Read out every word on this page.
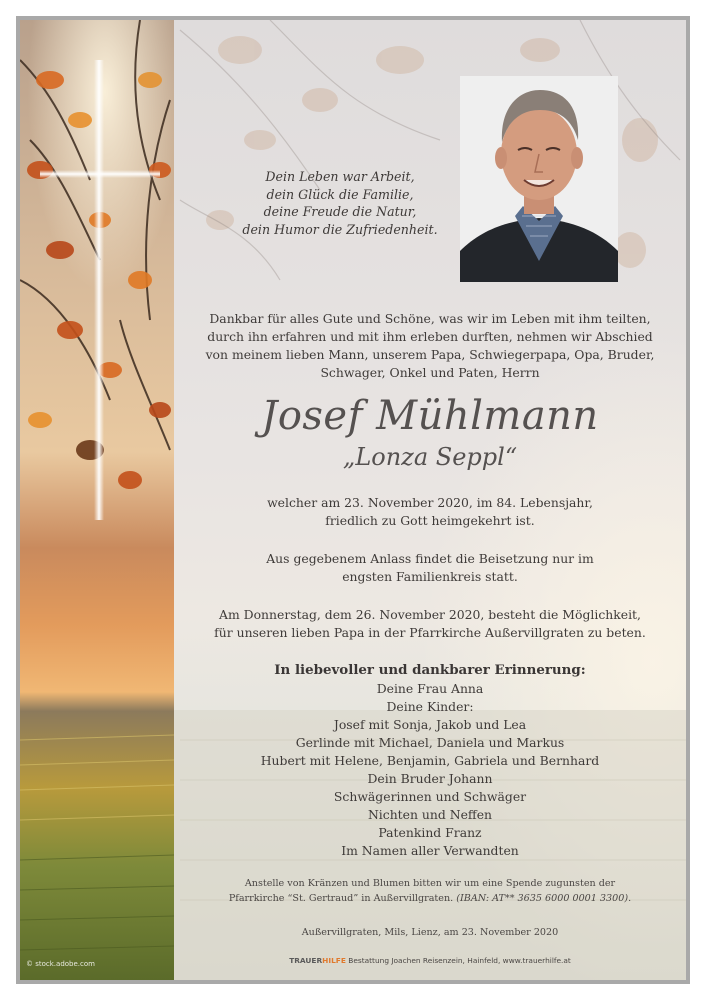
© stock.adobe.com
Dein Leben war Arbeit,
dein Glück die Familie,
deine Freude die Natur,
dein Humor die Zufriedenheit.
Dankbar für alles Gute und Schöne, was wir im Leben mit ihm teilten,
durch ihn erfahren und mit ihm erleben durften, nehmen wir Abschied
von meinem lieben Mann, unserem Papa, Schwiegerpapa, Opa, Bruder,
Schwager, Onkel und Paten, Herrn
Josef Mühlmann
„Lonza Seppl“
welcher am 23. November 2020, im 84. Lebensjahr,
friedlich zu Gott heimgekehrt ist.
Aus gegebenem Anlass findet die Beisetzung nur im
engsten Familienkreis statt.
Am Donnerstag, dem 26. November 2020, besteht die Möglichkeit,
für unseren lieben Papa in der Pfarrkirche Außervillgraten zu beten.
In liebevoller und dankbarer Erinnerung:
Deine Frau Anna
Deine Kinder:
Josef mit Sonja, Jakob und Lea
Gerlinde mit Michael, Daniela und Markus
Hubert mit Helene, Benjamin, Gabriela und Bernhard
Dein Bruder Johann
Schwägerinnen und Schwäger
Nichten und Neffen
Patenkind Franz
Im Namen aller Verwandten
Anstelle von Kränzen und Blumen bitten wir um eine Spende zugunsten der
Pfarrkirche “St. Gertraud” in Außervillgraten. (IBAN: AT** 3635 6000 0001 3300).
Außervillgraten, Mils, Lienz, am 23. November 2020
TRAUERHILFE Bestattung Joachen Reisenzein, Hainfeld, www.trauerhilfe.at
